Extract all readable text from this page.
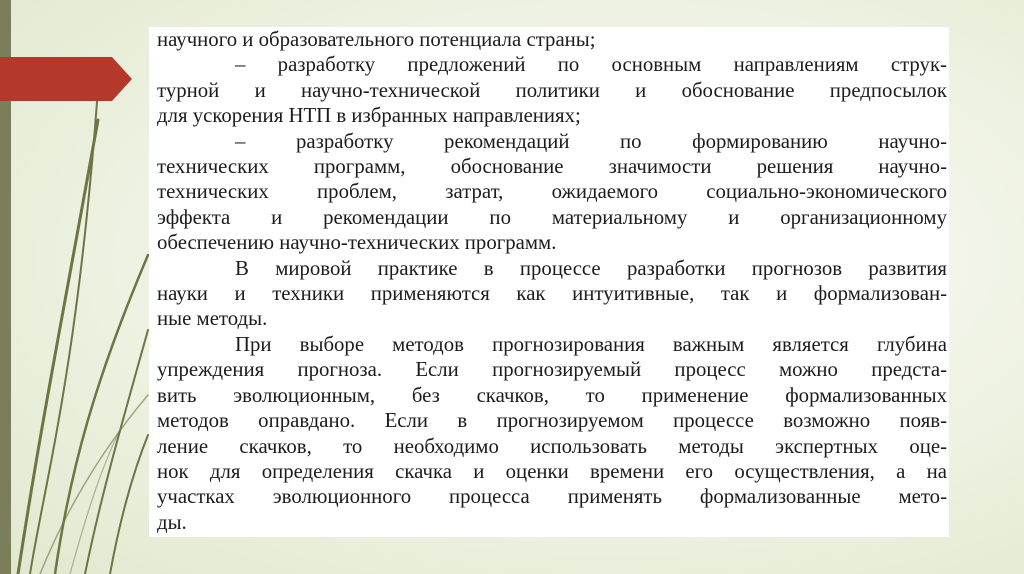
научного и образовательного потенциала страны;
– разработку предложений по основным направлениям струк-
турной и научно-технической политики и обоснование предпосылок
для ускорения НТП в избранных направлениях;
– разработку рекомендаций по формированию научно-
технических программ, обоснование значимости решения научно-
технических проблем, затрат, ожидаемого социально-экономического
эффекта и рекомендации по материальному и организационному
обеспечению научно-технических программ.
В мировой практике в процессе разработки прогнозов развития
науки и техники применяются как интуитивные, так и формализован-
ные методы.
При выборе методов прогнозирования важным является глубина
упреждения прогноза. Если прогнозируемый процесс можно предста-
вить эволюционным, без скачков, то применение формализованных
методов оправдано. Если в прогнозируемом процессе возможно появ-
ление скачков, то необходимо использовать методы экспертных оце-
нок для определения скачка и оценки времени его осуществления, а на
участках эволюционного процесса применять формализованные мето-
ды.
